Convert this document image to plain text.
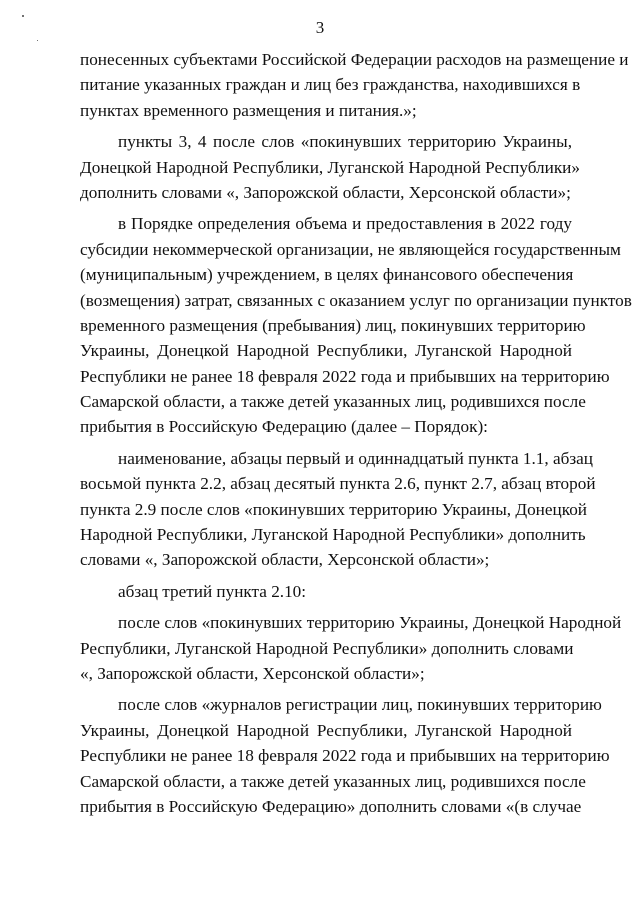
3
понесенных субъектами Российской Федерации расходов на размещение и
питание указанных граждан и лиц без гражданства, находившихся в
пунктах временного размещения и питания.»;
пункты 3, 4 после слов «покинувших территорию Украины,
Донецкой Народной Республики, Луганской Народной Республики»
дополнить словами «, Запорожской области, Херсонской области»;
в Порядке определения объема и предоставления в 2022 году
субсидии некоммерческой организации, не являющейся государственным
(муниципальным) учреждением, в целях финансового обеспечения
(возмещения) затрат, связанных с оказанием услуг по организации пунктов
временного размещения (пребывания) лиц, покинувших территорию
Украины, Донецкой Народной Республики, Луганской Народной
Республики не ранее 18 февраля 2022 года и прибывших на территорию
Самарской области, а также детей указанных лиц, родившихся после
прибытия в Российскую Федерацию (далее – Порядок):
наименование, абзацы первый и одиннадцатый пункта 1.1, абзац
восьмой пункта 2.2, абзац десятый пункта 2.6, пункт 2.7, абзац второй
пункта 2.9 после слов «покинувших территорию Украины, Донецкой
Народной Республики, Луганской Народной Республики» дополнить
словами «, Запорожской области, Херсонской области»;
абзац третий пункта 2.10:
после слов «покинувших территорию Украины, Донецкой Народной
Республики, Луганской Народной Республики» дополнить словами
«, Запорожской области, Херсонской области»;
после слов «журналов регистрации лиц, покинувших территорию
Украины, Донецкой Народной Республики, Луганской Народной
Республики не ранее 18 февраля 2022 года и прибывших на территорию
Самарской области, а также детей указанных лиц, родившихся после
прибытия в Российскую Федерацию» дополнить словами «(в случае
